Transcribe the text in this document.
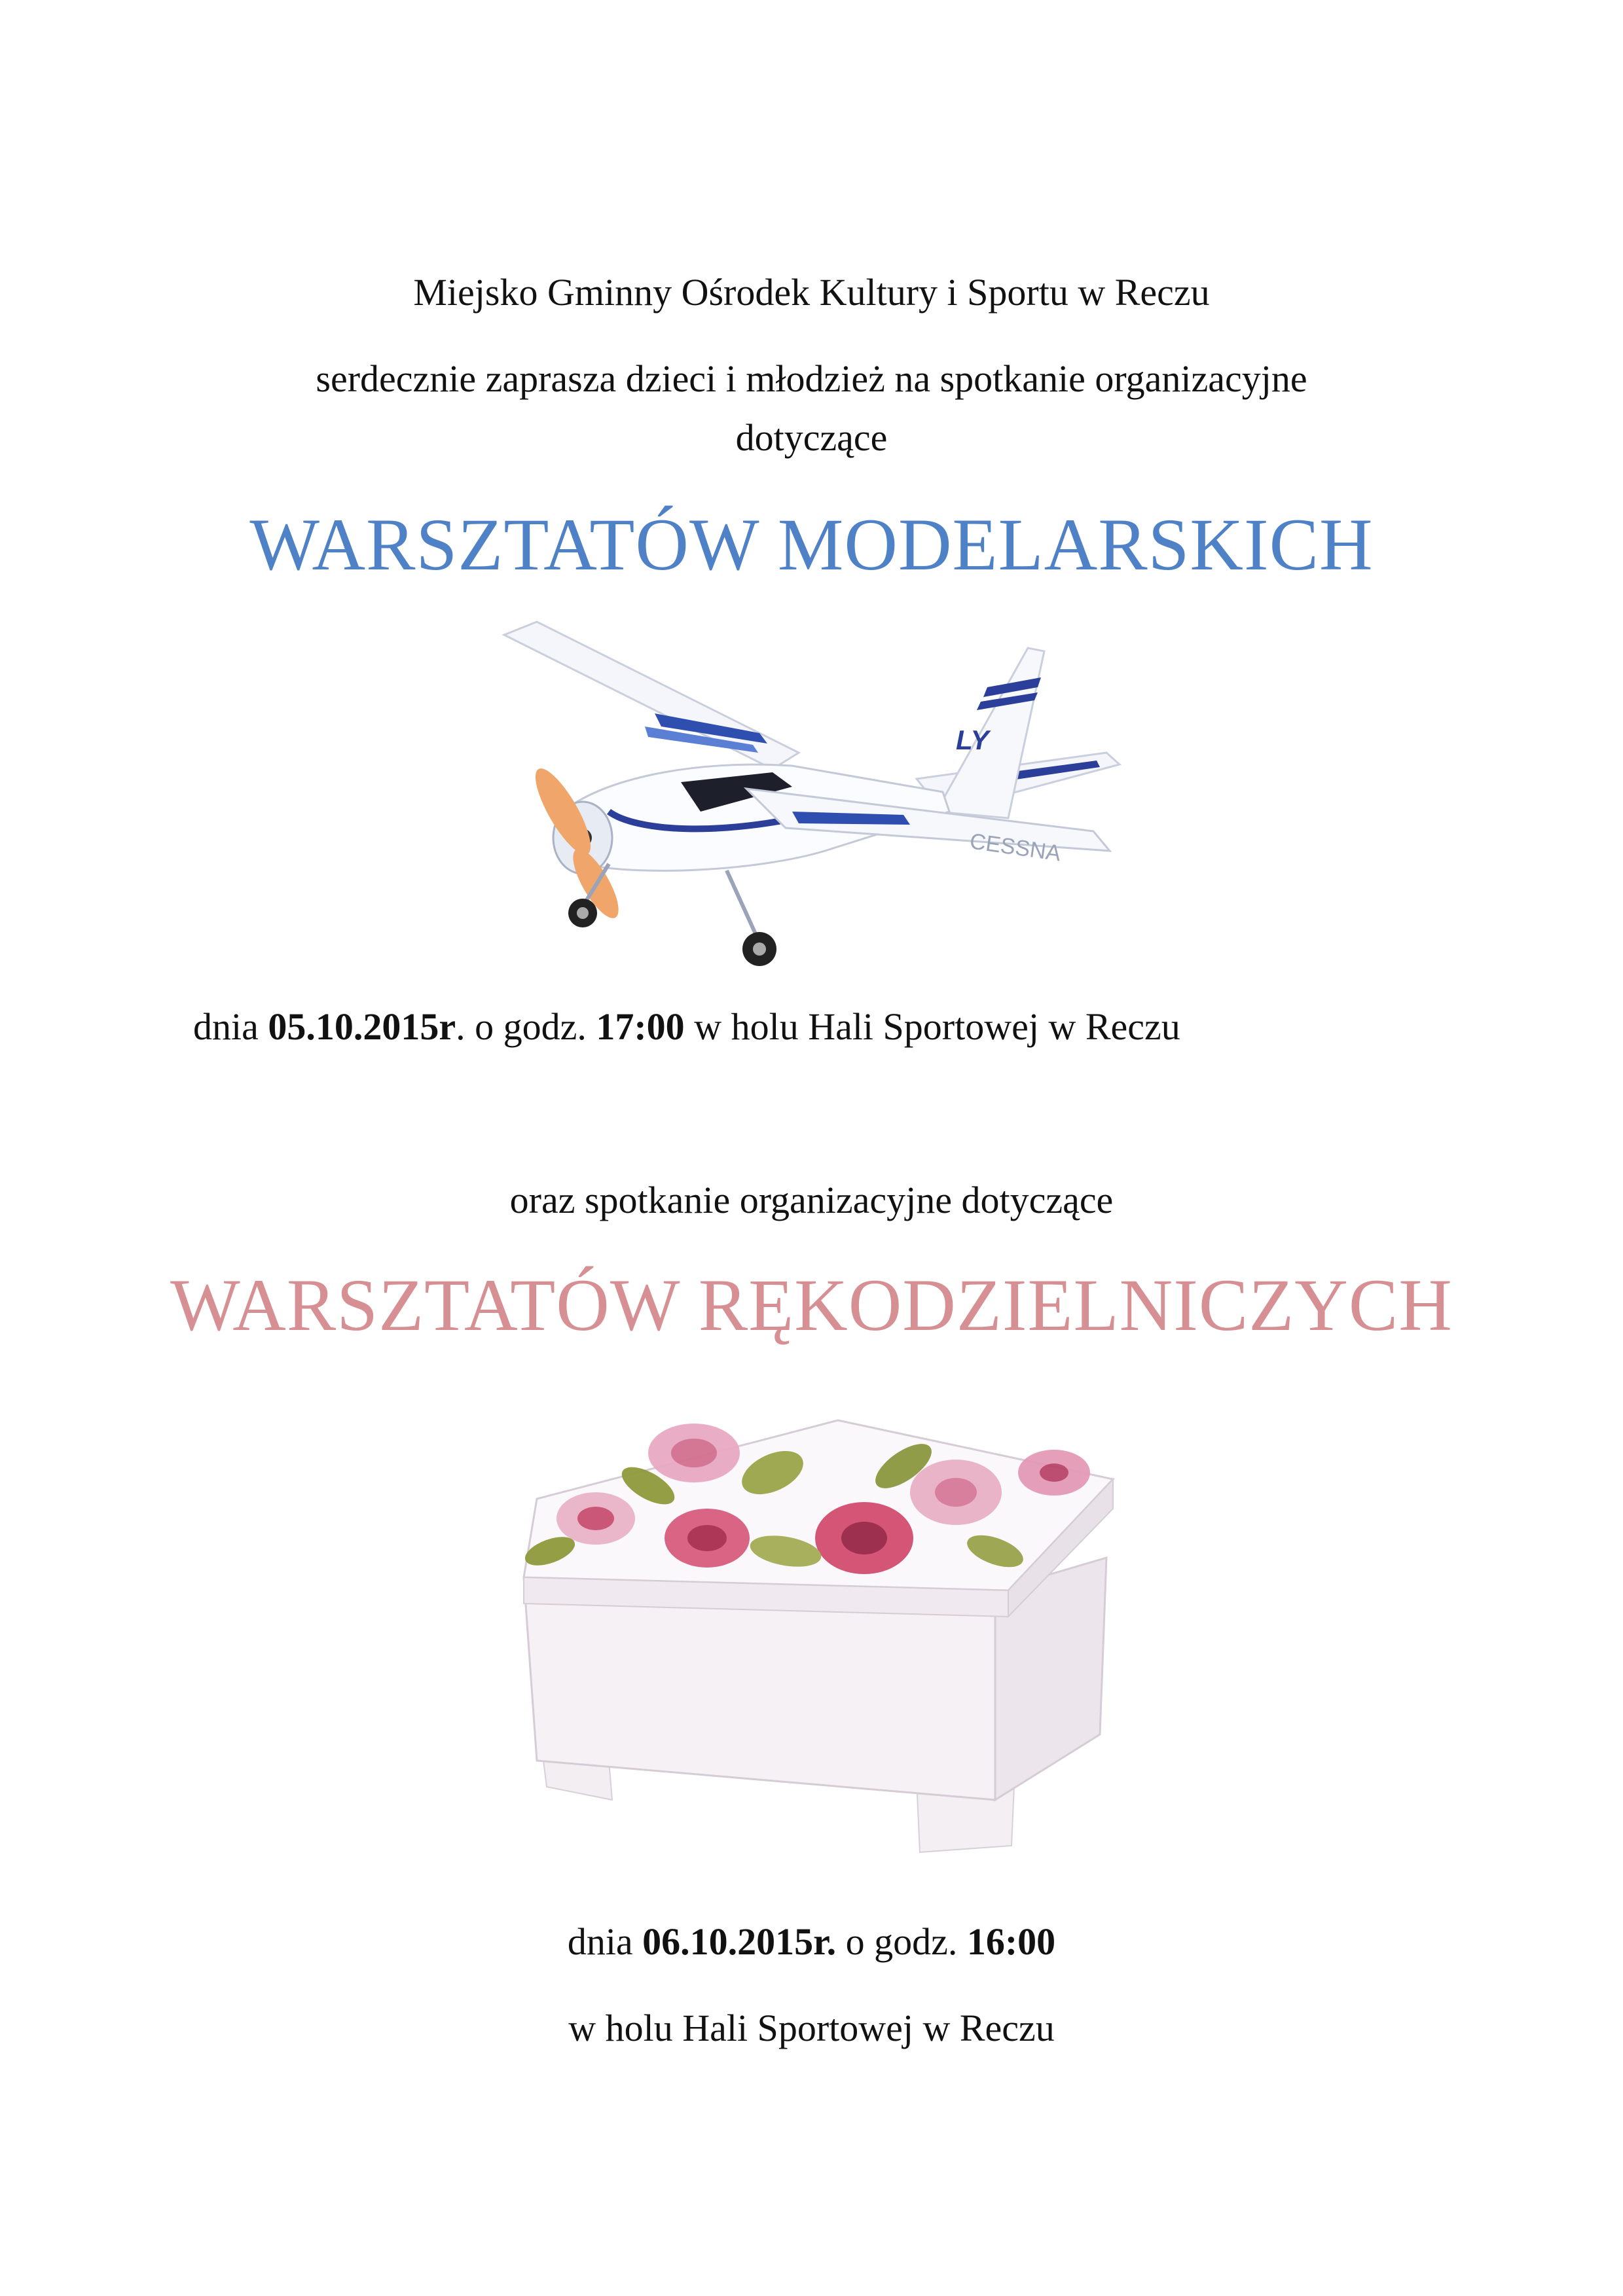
Miejsko Gminny Ośrodek Kultury i Sportu w Reczu
serdecznie zaprasza dzieci i młodzież na spotkanie organizacyjne
dotyczące
WARSZTATÓW MODELARSKICH
LY
CESSNA
dnia 05.10.2015r. o godz. 17:00 w holu Hali Sportowej w Reczu
oraz spotkanie organizacyjne dotyczące
WARSZTATÓW RĘKODZIELNICZYCH
dnia 06.10.2015r. o godz. 16:00
w holu Hali Sportowej w Reczu
